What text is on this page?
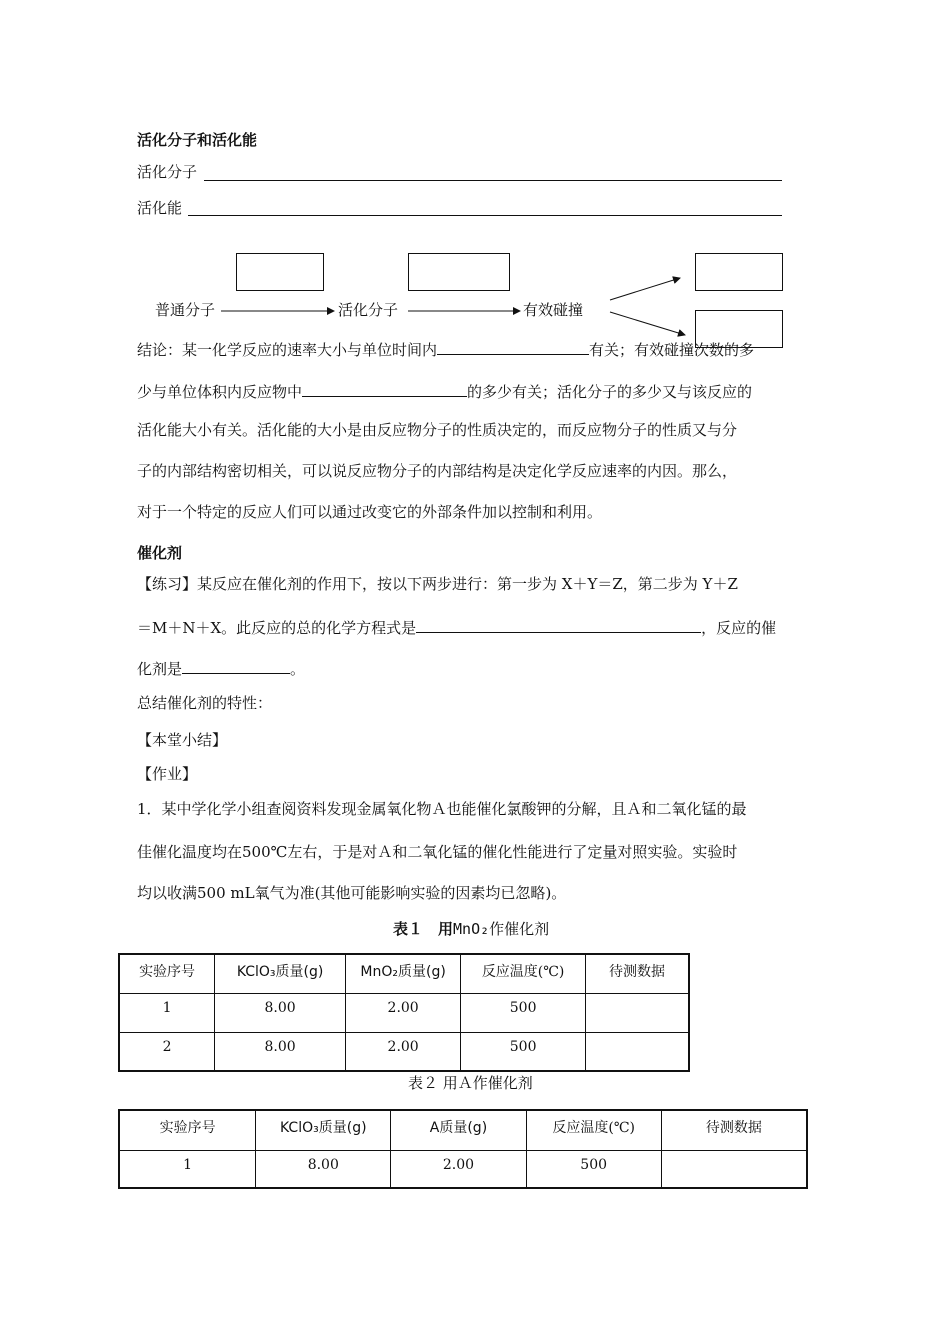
活化分子和活化能
活化分子
活化能
普通分子	活化分子	有效碰撞
结论：某一化学反应的速率大小与单位时间内	有关；有效碰撞次数的多
少与单位体积内反应物中	的多少有关；活化分子的多少又与该反应的
活化能大小有关。活化能的大小是由反应物分子的性质决定的，而反应物分子的性质又与分
子的内部结构密切相关，可以说反应物分子的内部结构是决定化学反应速率的内因。那么，
对于一个特定的反应人们可以通过改变它的外部条件加以控制和利用。
催化剂
【练习】某反应在催化剂的作用下，按以下两步进行：第一步为 X＋Y＝Z，第二步为 Y＋Z
＝M＋N＋X。此反应的总的化学方程式是	，反应的催
化剂是	。
总结催化剂的特性：
【本堂小结】
【作业】
1．某中学化学小组查阅资料发现金属氧化物Ａ也能催化氯酸钾的分解，且Ａ和二氧化锰的最
佳催化温度均在500℃左右，于是对Ａ和二氧化锰的催化性能进行了定量对照实验。实验时
均以收满500 mL氧气为准(其他可能影响实验的因素均已忽略)。
表１　用MnO₂作催化剂
实验序号	KClO₃质量(g)	MnO₂质量(g)	反应温度(℃)	待测数据
1	8.00	2.00	500	
2	8.00	2.00	500	
表２ 用Ａ作催化剂
实验序号	KClO₃质量(g)	A质量(g)	反应温度(℃)	待测数据
1	8.00	2.00	500	
